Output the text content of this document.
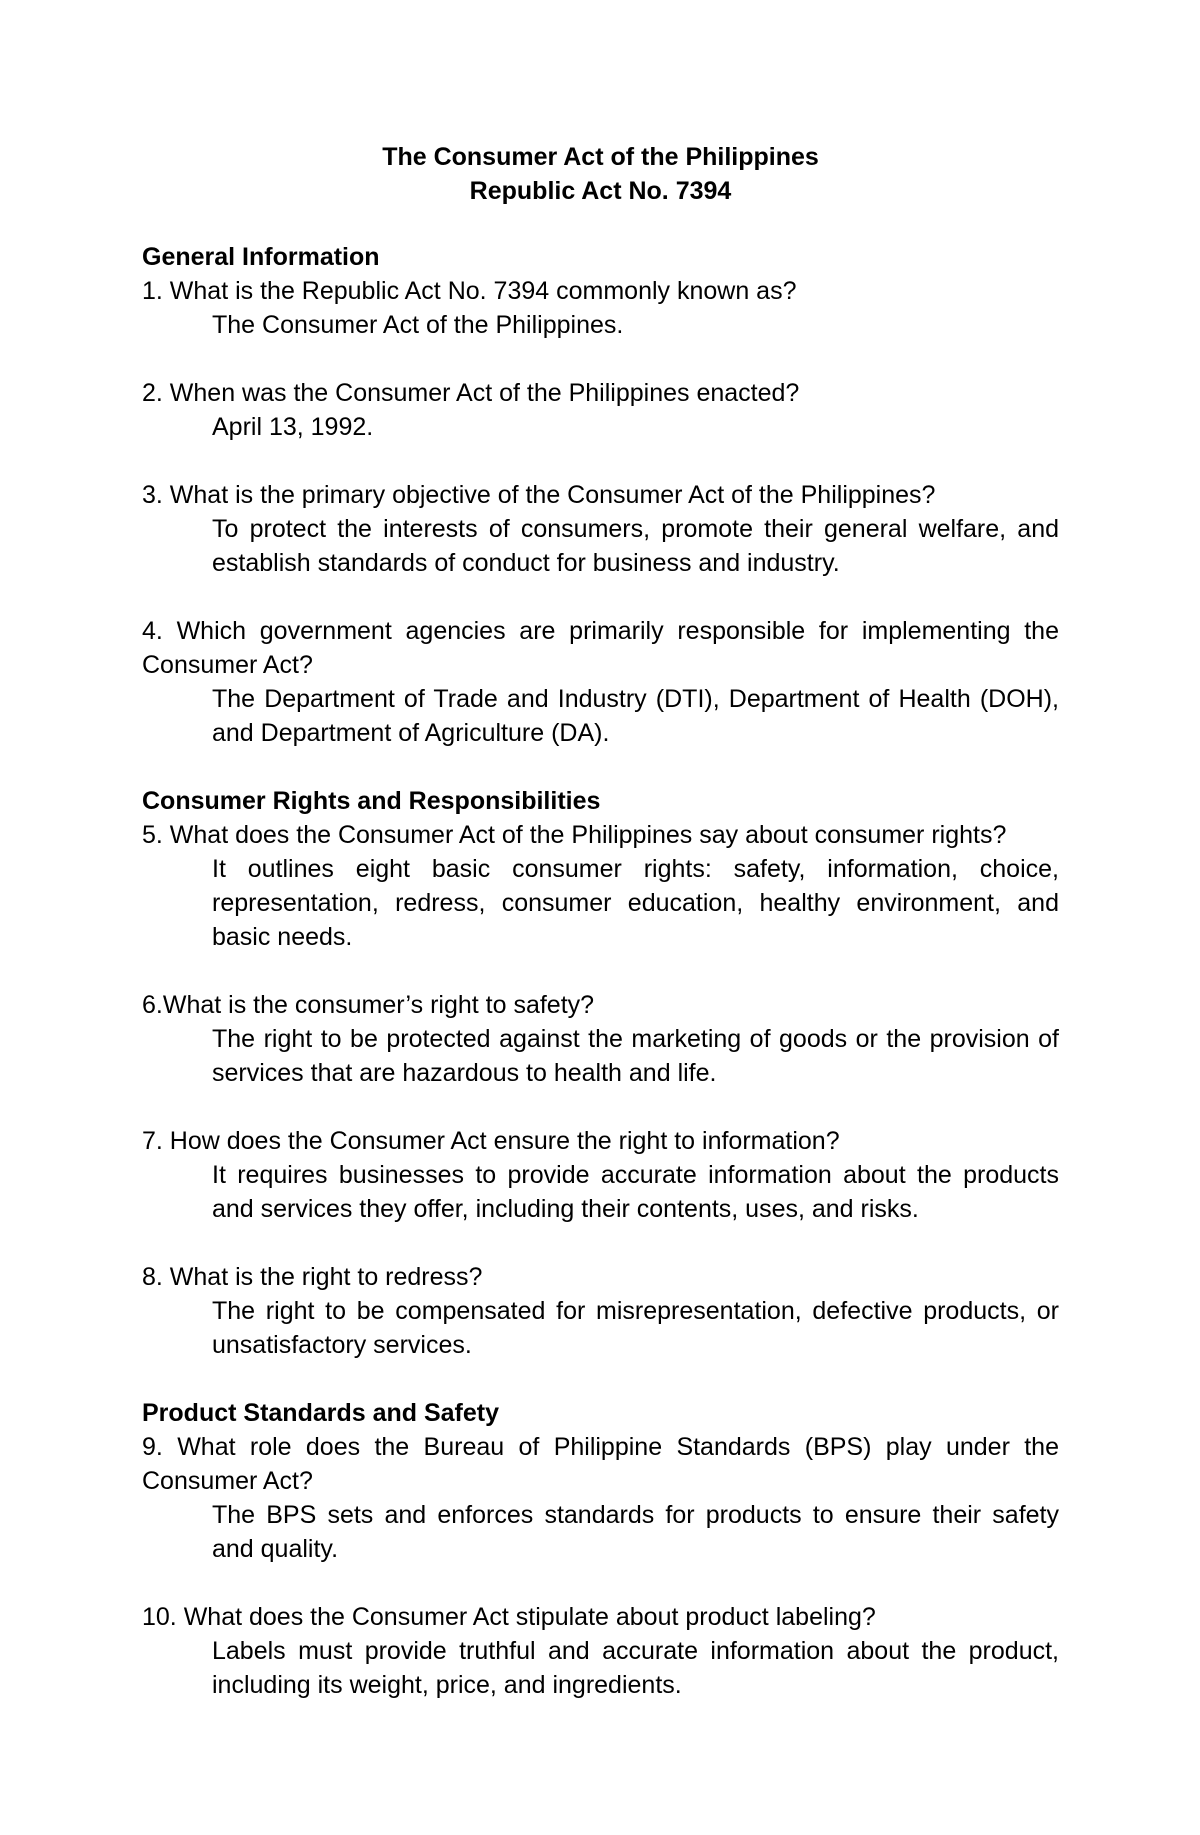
The Consumer Act of the Philippines
Republic Act No. 7394
General Information
1. What is the Republic Act No. 7394 commonly known as?
The Consumer Act of the Philippines.
2. When was the Consumer Act of the Philippines enacted?
April 13, 1992.
3. What is the primary objective of the Consumer Act of the Philippines?
To protect the interests of consumers, promote their general welfare, and establish standards of conduct for business and industry.
4. Which government agencies are primarily responsible for implementing the Consumer Act?
The Department of Trade and Industry (DTI), Department of Health (DOH), and Department of Agriculture (DA).
Consumer Rights and Responsibilities
5. What does the Consumer Act of the Philippines say about consumer rights?
It outlines eight basic consumer rights: safety, information, choice, representation, redress, consumer education, healthy environment, and basic needs.
6.What is the consumer’s right to safety?
The right to be protected against the marketing of goods or the provision of services that are hazardous to health and life.
7. How does the Consumer Act ensure the right to information?
It requires businesses to provide accurate information about the products and services they offer, including their contents, uses, and risks.
8. What is the right to redress?
The right to be compensated for misrepresentation, defective products, or unsatisfactory services.
Product Standards and Safety
9. What role does the Bureau of Philippine Standards (BPS) play under the Consumer Act?
The BPS sets and enforces standards for products to ensure their safety and quality.
10. What does the Consumer Act stipulate about product labeling?
Labels must provide truthful and accurate information about the product, including its weight, price, and ingredients.
